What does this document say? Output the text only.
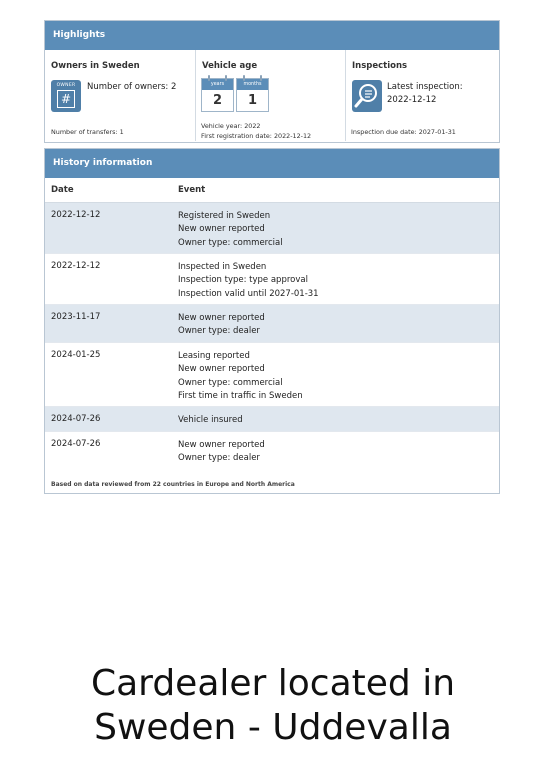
Highlights
Owners in Sweden
OWNER
#
Number of owners: 2
Number of transfers: 1
Vehicle age
years
2
months
1
Vehicle year: 2022
First registration date: 2022-12-12
Inspections
Latest inspection:
2022-12-12
Inspection due date: 2027-01-31
History information
Date	Event
2022-12-12	Registered in Sweden
New owner reported
Owner type: commercial
2022-12-12	Inspected in Sweden
Inspection type: type approval
Inspection valid until 2027-01-31
2023-11-17	New owner reported
Owner type: dealer
2024-01-25	Leasing reported
New owner reported
Owner type: commercial
First time in traffic in Sweden
2024-07-26	Vehicle insured
2024-07-26	New owner reported
Owner type: dealer
Based on data reviewed from 22 countries in Europe and North America
Cardealer located in
Sweden - Uddevalla
